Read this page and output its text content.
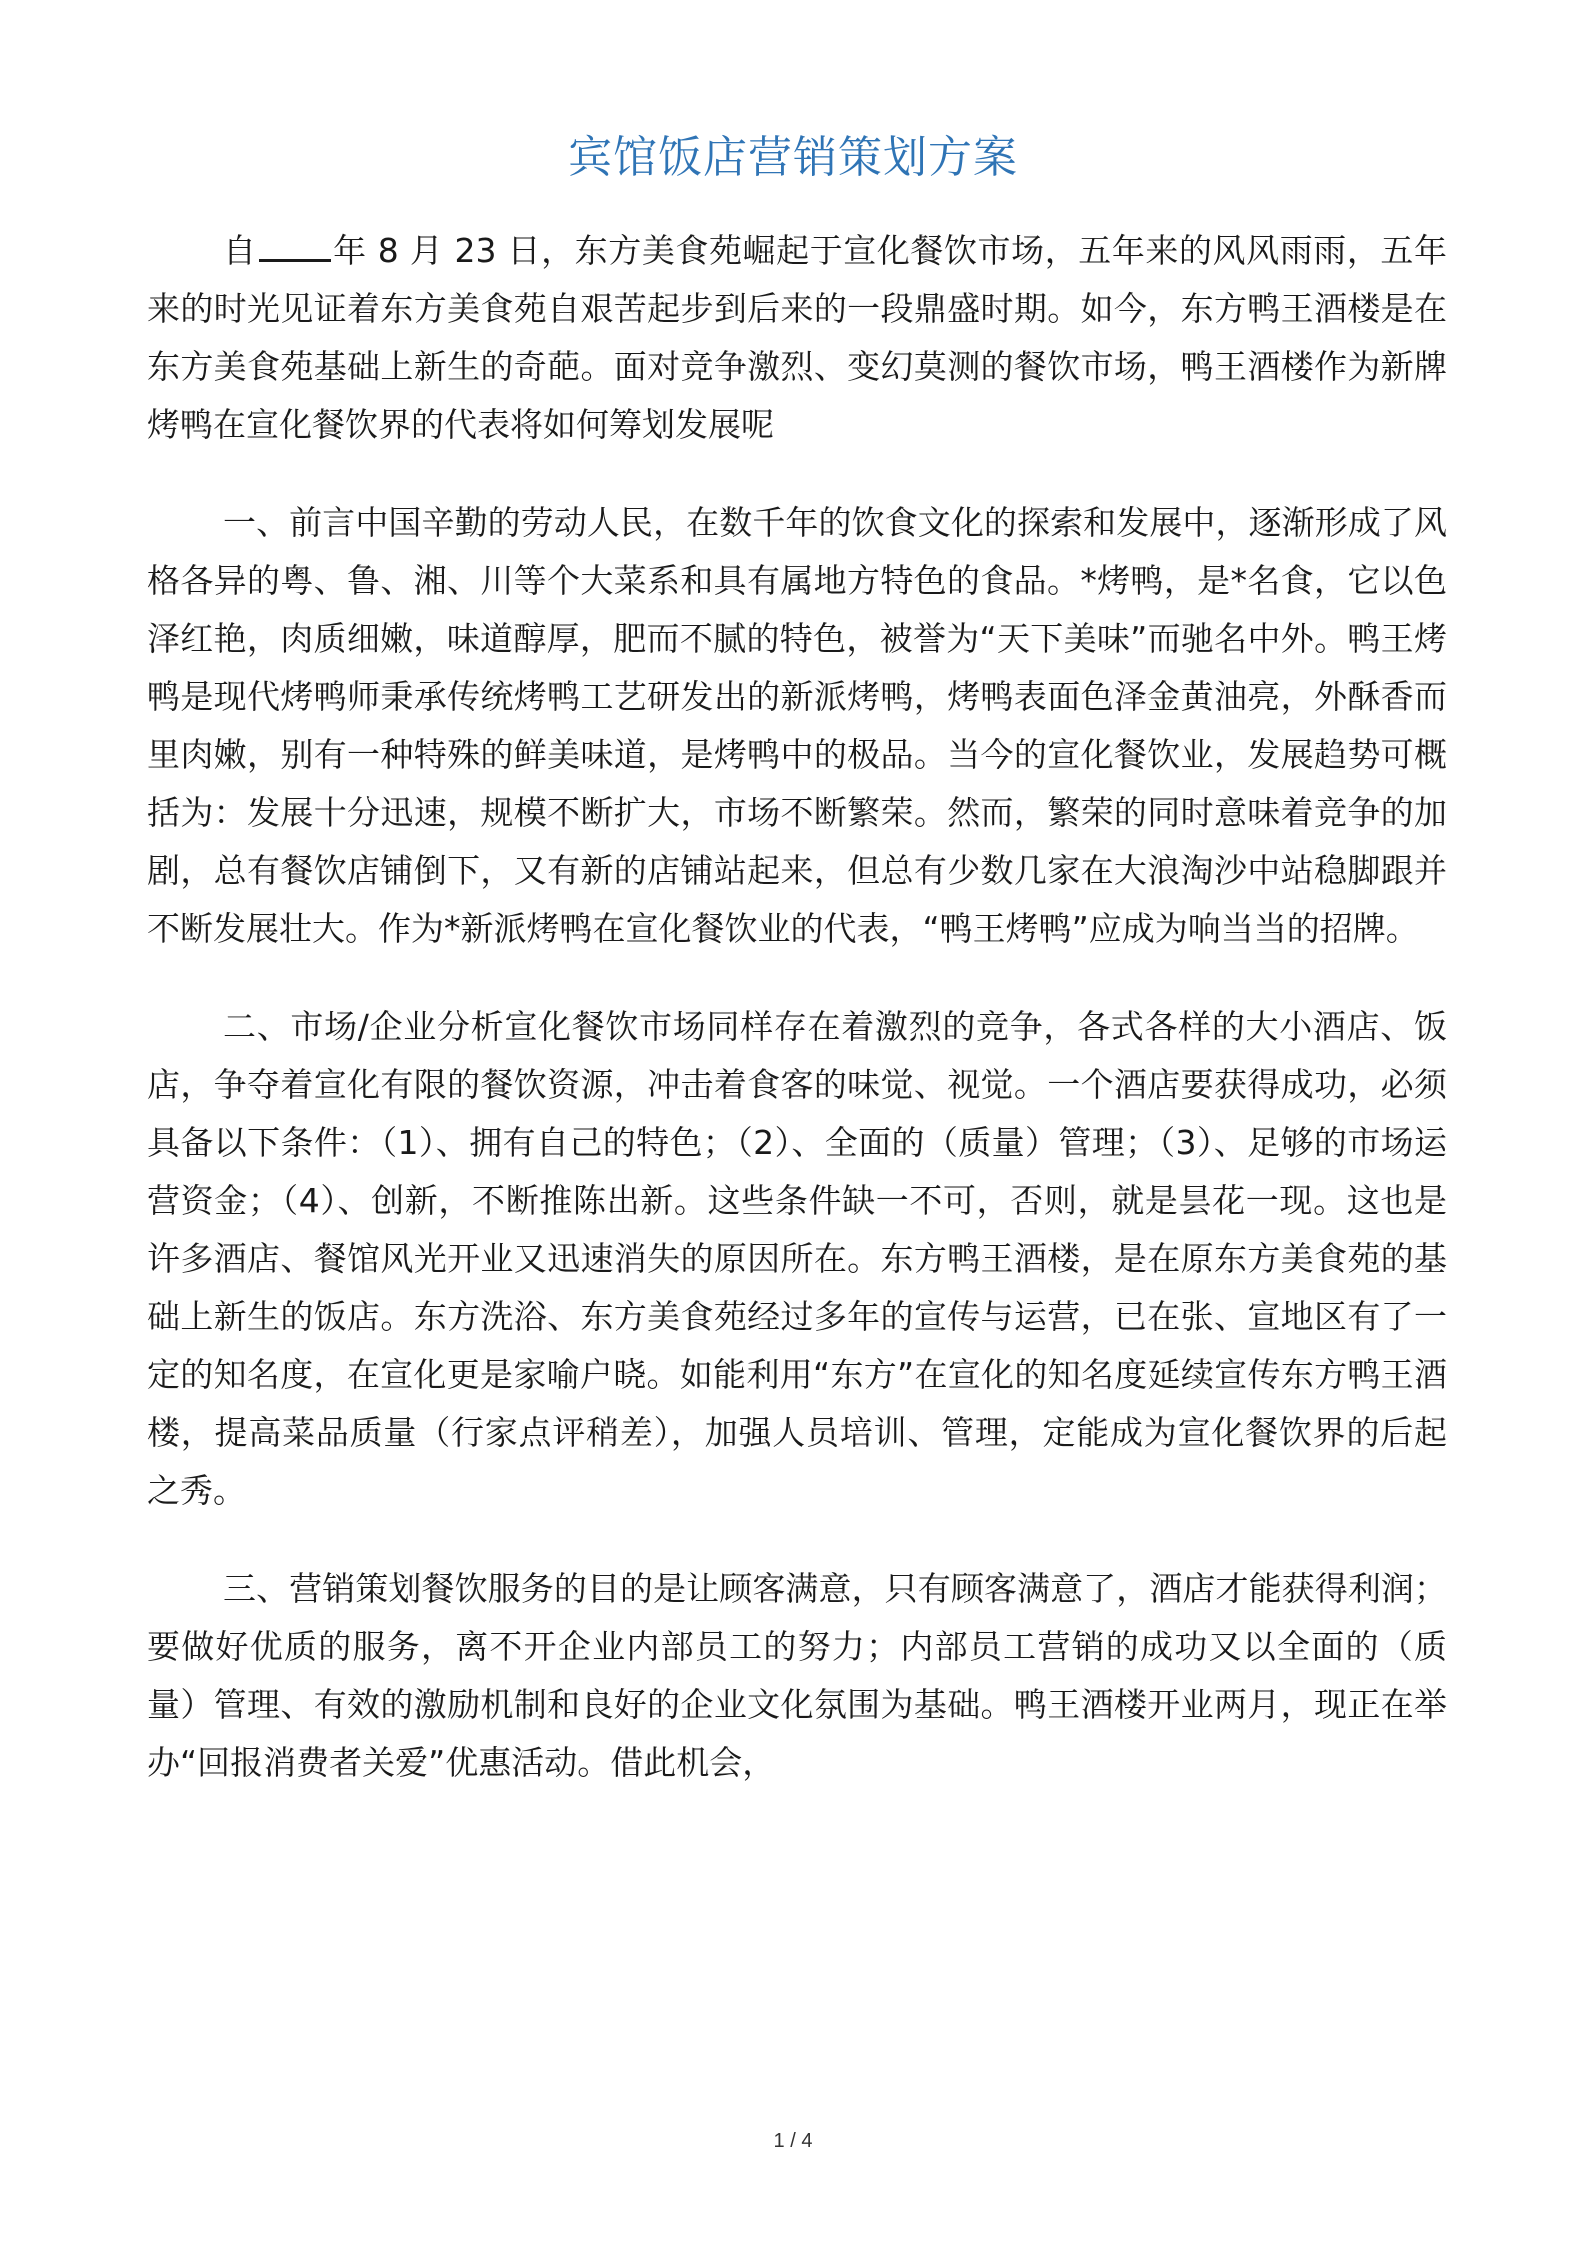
宾馆饭店营销策划方案

自 年 8 月 23 日，东方美食苑崛起于宣化餐饮市场，五年来的风风雨雨，五年来的时光见证着东方美食苑自艰苦起步到后来的一段鼎盛时期。如今，东方鸭王酒楼是在东方美食苑基础上新生的奇葩。面对竞争激烈、变幻莫测的餐饮市场，鸭王酒楼作为新牌烤鸭在宣化餐饮界的代表将如何筹划发展呢

一、前言中国辛勤的劳动人民，在数千年的饮食文化的探索和发展中，逐渐形成了风格各异的粤、鲁、湘、川等个大菜系和具有属地方特色的食品。*烤鸭，是*名食，它以色泽红艳，肉质细嫩，味道醇厚，肥而不腻的特色，被誉为“天下美味”而驰名中外。鸭王烤鸭是现代烤鸭师秉承传统烤鸭工艺研发出的新派烤鸭，烤鸭表面色泽金黄油亮，外酥香而里肉嫩，别有一种特殊的鲜美味道，是烤鸭中的极品。当今的宣化餐饮业，发展趋势可概括为：发展十分迅速，规模不断扩大，市场不断繁荣。然而，繁荣的同时意味着竞争的加剧，总有餐饮店铺倒下，又有新的店铺站起来，但总有少数几家在大浪淘沙中站稳脚跟并不断发展壮大。作为*新派烤鸭在宣化餐饮业的代表，“鸭王烤鸭”应成为响当当的招牌。

二、市场/企业分析宣化餐饮市场同样存在着激烈的竞争，各式各样的大小酒店、饭店，争夺着宣化有限的餐饮资源，冲击着食客的味觉、视觉。一个酒店要获得成功，必须具备以下条件：（1）、拥有自己的特色；（2）、全面的（质量）管理；（3）、足够的市场运营资金；（4）、创新，不断推陈出新。这些条件缺一不可，否则，就是昙花一现。这也是许多酒店、餐馆风光开业又迅速消失的原因所在。东方鸭王酒楼，是在原东方美食苑的基础上新生的饭店。东方洗浴、东方美食苑经过多年的宣传与运营，已在张、宣地区有了一定的知名度，在宣化更是家喻户晓。如能利用“东方”在宣化的知名度延续宣传东方鸭王酒楼，提高菜品质量（行家点评稍差），加强人员培训、管理，定能成为宣化餐饮界的后起之秀。

三、营销策划餐饮服务的目的是让顾客满意，只有顾客满意了，酒店才能获得利润；要做好优质的服务，离不开企业内部员工的努力；内部员工营销的成功又以全面的（质量）管理、有效的激励机制和良好的企业文化氛围为基础。鸭王酒楼开业两月，现正在举办“回报消费者关爱”优惠活动。借此机会，

1 / 4
